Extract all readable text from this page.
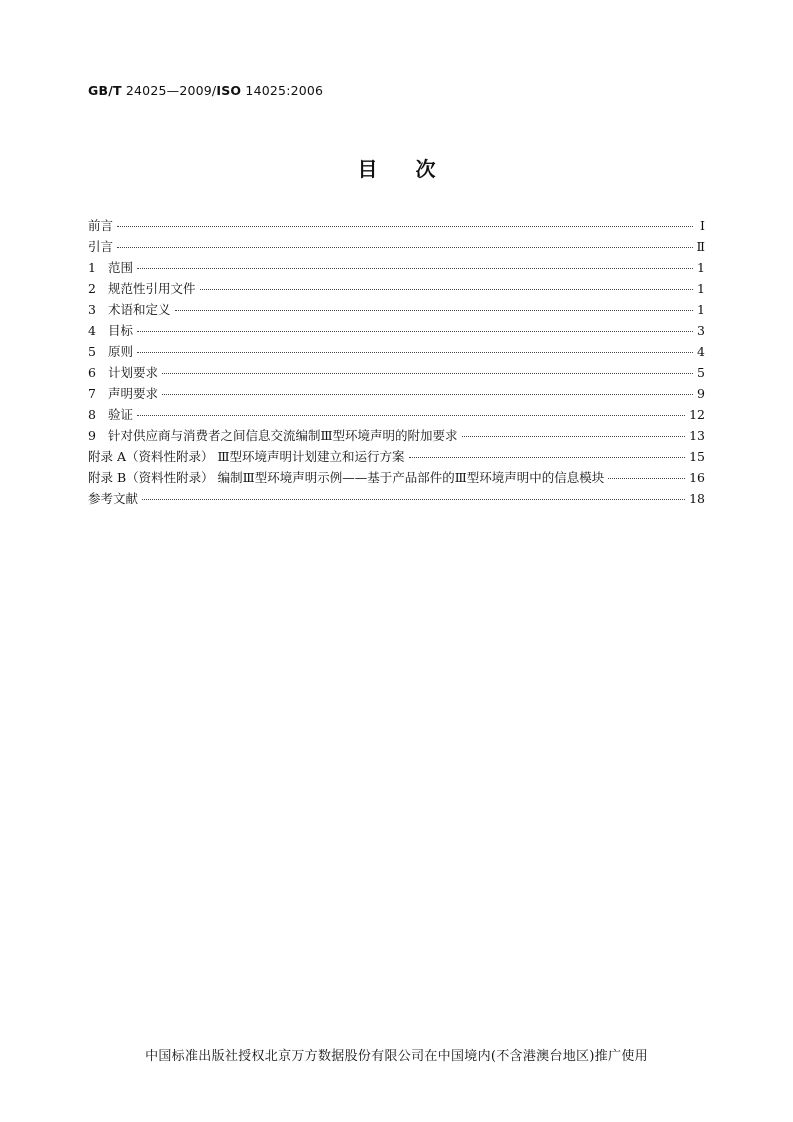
GB/T 24025—2009/ISO 14025:2006
目次
前言	Ⅰ
引言	Ⅱ
1 范围	1
2 规范性引用文件	1
3 术语和定义	1
4 目标	3
5 原则	4
6 计划要求	5
7 声明要求	9
8 验证	12
9 针对供应商与消费者之间信息交流编制Ⅲ型环境声明的附加要求	13
附录 A（资料性附录） Ⅲ型环境声明计划建立和运行方案	15
附录 B（资料性附录） 编制Ⅲ型环境声明示例——基于产品部件的Ⅲ型环境声明中的信息模块	16
参考文献	18
中国标准出版社授权北京万方数据股份有限公司在中国境内(不含港澳台地区)推广使用
